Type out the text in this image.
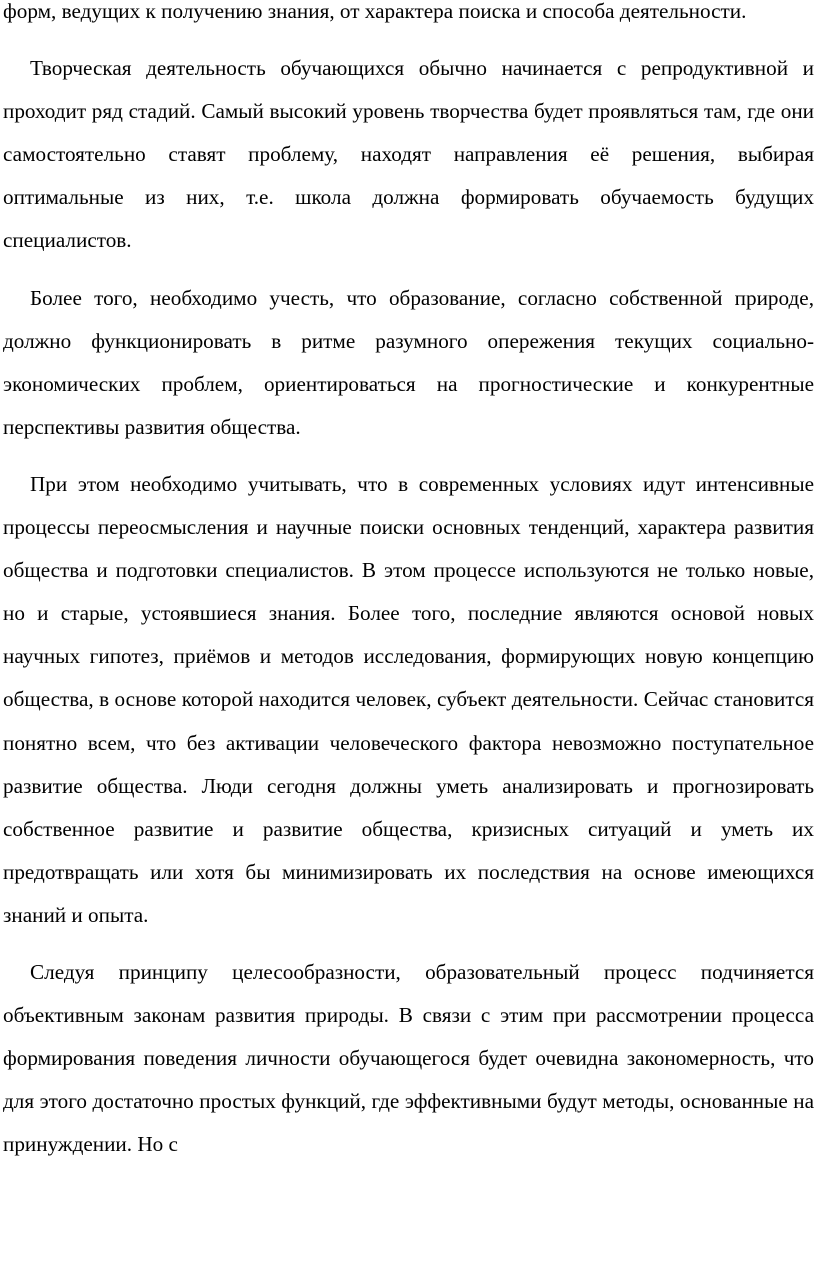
форм, ведущих к получению знания, от характера поиска и способа деятельности.

Творческая деятельность обучающихся обычно начинается с репродуктивной и проходит ряд стадий. Самый высокий уровень творчества будет проявляться там, где они самостоятельно ставят проблему, находят направления её решения, выбирая оптимальные из них, т.е. школа должна формировать обучаемость будущих специалистов.

Более того, необходимо учесть, что образование, согласно собственной природе, должно функционировать в ритме разумного опережения текущих социально-экономических проблем, ориентироваться на прогностические и конкурентные перспективы развития общества.

При этом необходимо учитывать, что в современных условиях идут интенсивные процессы переосмысления и научные поиски основных тенденций, характера развития общества и подготовки специалистов. В этом процессе используются не только новые, но и старые, устоявшиеся знания. Более того, последние являются основой новых научных гипотез, приёмов и методов исследования, формирующих новую концепцию общества, в основе которой находится человек, субъект деятельности. Сейчас становится понятно всем, что без активации человеческого фактора невозможно поступательное развитие общества. Люди сегодня должны уметь анализировать и прогнозировать собственное развитие и развитие общества, кризисных ситуаций и уметь их предотвращать или хотя бы минимизировать их последствия на основе имеющихся знаний и опыта.

Следуя принципу целесообразности, образовательный процесс подчиняется объективным законам развития природы. В связи с этим при рассмотрении процесса формирования поведения личности обучающегося будет очевидна закономерность, что для этого достаточно простых функций, где эффективными будут методы, основанные на принуждении. Но с
